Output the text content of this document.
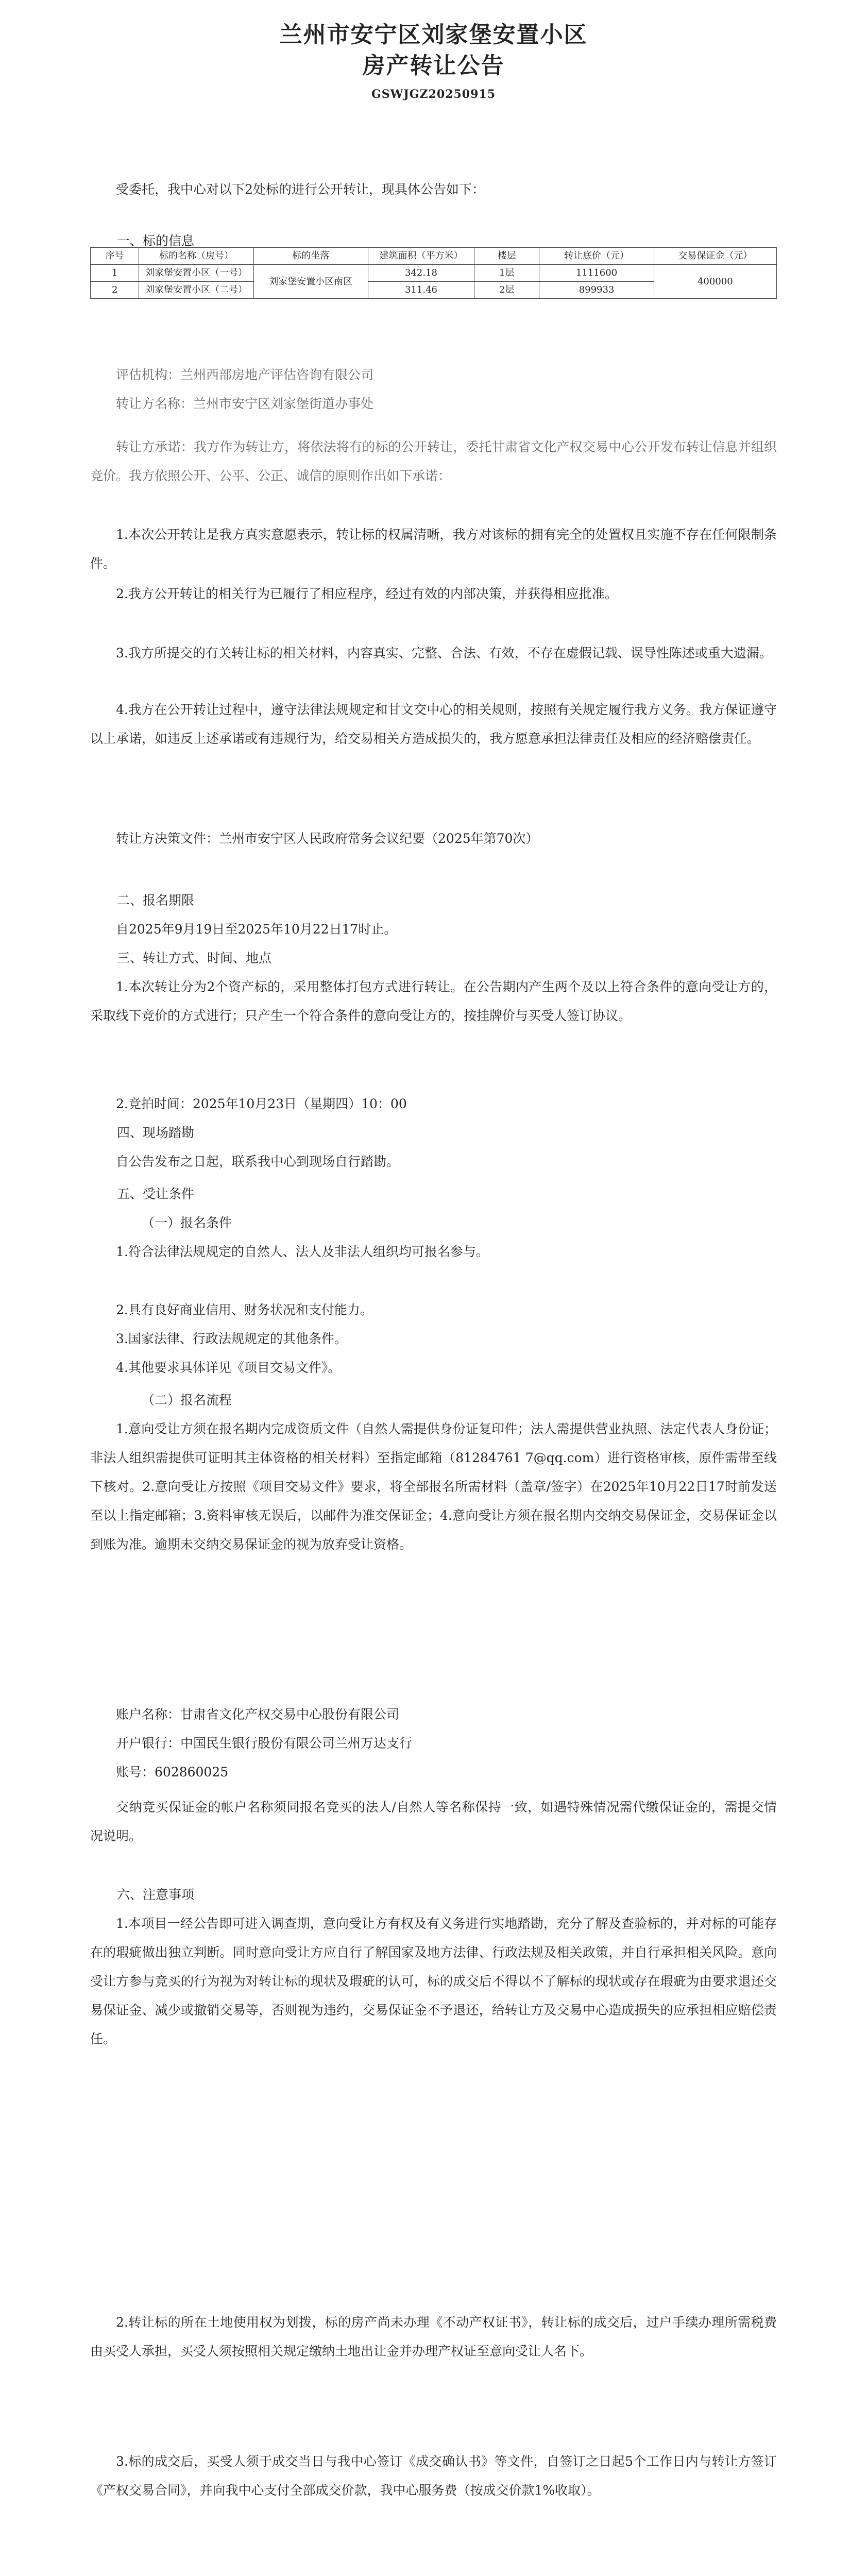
兰州市安宁区刘家堡安置小区
房产转让公告
GSWJGZ20250915
受委托，我中心对以下2处标的进行公开转让，现具体公告如下：
一、标的信息
序号	标的名称（房号）	标的坐落	建筑面积（平方米）	楼层	转让底价（元）	交易保证金（元）
1	刘家堡安置小区（一号）	刘家堡安置小区南区	342.18	1层	1111600	400000
2	刘家堡安置小区（二号）		311.46	2层	899933	
评估机构：兰州西部房地产评估咨询有限公司
转让方名称：兰州市安宁区刘家堡街道办事处
转让方承诺：我方作为转让方，将依法将有的标的公开转让，委托甘肃省文化产权交易中心公开发布转让信息并组织竞价。我方依照公开、公平、公正、诚信的原则作出如下承诺：
1.本次公开转让是我方真实意愿表示，转让标的权属清晰，我方对该标的拥有完全的处置权且实施不存在任何限制条件。
2.我方公开转让的相关行为已履行了相应程序，经过有效的内部决策，并获得相应批准。
3.我方所提交的有关转让标的相关材料，内容真实、完整、合法、有效，不存在虚假记载、误导性陈述或重大遗漏。
4.我方在公开转让过程中，遵守法律法规规定和甘文交中心的相关规则，按照有关规定履行我方义务。我方保证遵守以上承诺，如违反上述承诺或有违规行为，给交易相关方造成损失的，我方愿意承担法律责任及相应的经济赔偿责任。
转让方决策文件：兰州市安宁区人民政府常务会议纪要（2025年第70次）
二、报名期限
自2025年9月19日至2025年10月22日17时止。
三、转让方式、时间、地点
1.本次转让分为2个资产标的，采用整体打包方式进行转让。在公告期内产生两个及以上符合条件的意向受让方的，采取线下竞价的方式进行；只产生一个符合条件的意向受让方的，按挂牌价与买受人签订协议。
2.竞拍时间：2025年10月23日（星期四）10：00
四、现场踏勘
自公告发布之日起，联系我中心到现场自行踏勘。
五、受让条件
（一）报名条件
1.符合法律法规规定的自然人、法人及非法人组织均可报名参与。
2.具有良好商业信用、财务状况和支付能力。
3.国家法律、行政法规规定的其他条件。
4.其他要求具体详见《项目交易文件》。
（二）报名流程
1.意向受让方须在报名期内完成资质文件（自然人需提供身份证复印件；法人需提供营业执照、法定代表人身份证；非法人组织需提供可证明其主体资格的相关材料）至指定邮箱（81284761 7@qq.com）进行资格审核，原件需带至线下核对。2.意向受让方按照《项目交易文件》要求，将全部报名所需材料（盖章/签字）在2025年10月22日17时前发送至以上指定邮箱；3.资料审核无误后，以邮件为准交保证金；4.意向受让方须在报名期内交纳交易保证金，交易保证金以到账为准。逾期未交纳交易保证金的视为放弃受让资格。
账户名称：甘肃省文化产权交易中心股份有限公司
开户银行：中国民生银行股份有限公司兰州万达支行
账号：602860025
交纳竞买保证金的帐户名称须同报名竞买的法人/自然人等名称保持一致，如遇特殊情况需代缴保证金的，需提交情况说明。
六、注意事项
1.本项目一经公告即可进入调查期，意向受让方有权及有义务进行实地踏勘，充分了解及查验标的，并对标的可能存在的瑕疵做出独立判断。同时意向受让方应自行了解国家及地方法律、行政法规及相关政策，并自行承担相关风险。意向受让方参与竞买的行为视为对转让标的现状及瑕疵的认可，标的成交后不得以不了解标的现状或存在瑕疵为由要求退还交易保证金、减少或撤销交易等，否则视为违约，交易保证金不予退还，给转让方及交易中心造成损失的应承担相应赔偿责任。
2.转让标的所在土地使用权为划拨，标的房产尚未办理《不动产权证书》，转让标的成交后，过户手续办理所需税费由买受人承担，买受人须按照相关规定缴纳土地出让金并办理产权证至意向受让人名下。
3.标的成交后，买受人须于成交当日与我中心签订《成交确认书》等文件，自签订之日起5个工作日内与转让方签订《产权交易合同》，并向我中心支付全部成交价款，我中心服务费（按成交价款1%收取）。
